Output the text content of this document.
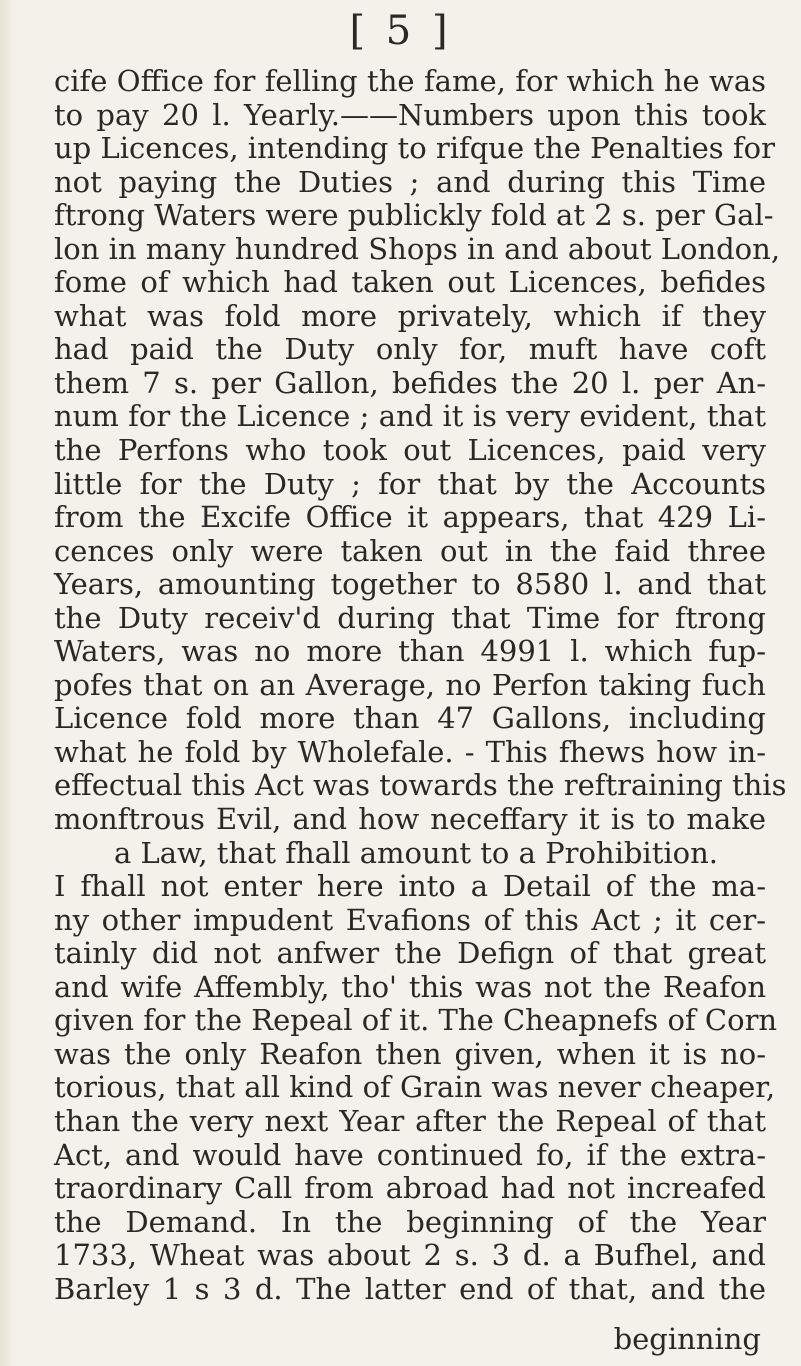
[ 5 ]
cife Office for felling the fame, for which he was
to pay 20 l. Yearly.——Numbers upon this took
up Licences, intending to rifque the Penalties for
not paying the Duties ; and during this Time
ftrong Waters were publickly fold at 2 s. per Gal-
lon in many hundred Shops in and about London,
fome of which had taken out Licences, befides
what was fold more privately, which if they
had paid the Duty only for, muft have coft
them 7 s. per Gallon, befides the 20 l. per An-
num for the Licence ; and it is very evident, that
the Perfons who took out Licences, paid very
little for the Duty ; for that by the Accounts
from the Excife Office it appears, that 429 Li-
cences only were taken out in the faid three
Years, amounting together to 8580 l. and that
the Duty receiv'd during that Time for ftrong
Waters, was no more than 4991 l. which fup-
pofes that on an Average, no Perfon taking fuch
Licence fold more than 47 Gallons, including
what he fold by Wholefale. - This fhews how in-
effectual this Act was towards the reftraining this
monftrous Evil, and how neceffary it is to make
a Law, that fhall amount to a Prohibition.
I fhall not enter here into a Detail of the ma-
ny other impudent Evafions of this Act ; it cer-
tainly did not anfwer the Defign of that great
and wife Affembly, tho' this was not the Reafon
given for the Repeal of it. The Cheapnefs of Corn
was the only Reafon then given, when it is no-
torious, that all kind of Grain was never cheaper,
than the very next Year after the Repeal of that
Act, and would have continued fo, if the extra-
traordinary Call from abroad had not increafed
the Demand. In the beginning of the Year
1733, Wheat was about 2 s. 3 d. a Bufhel, and
Barley 1 s 3 d. The latter end of that, and the
beginning
